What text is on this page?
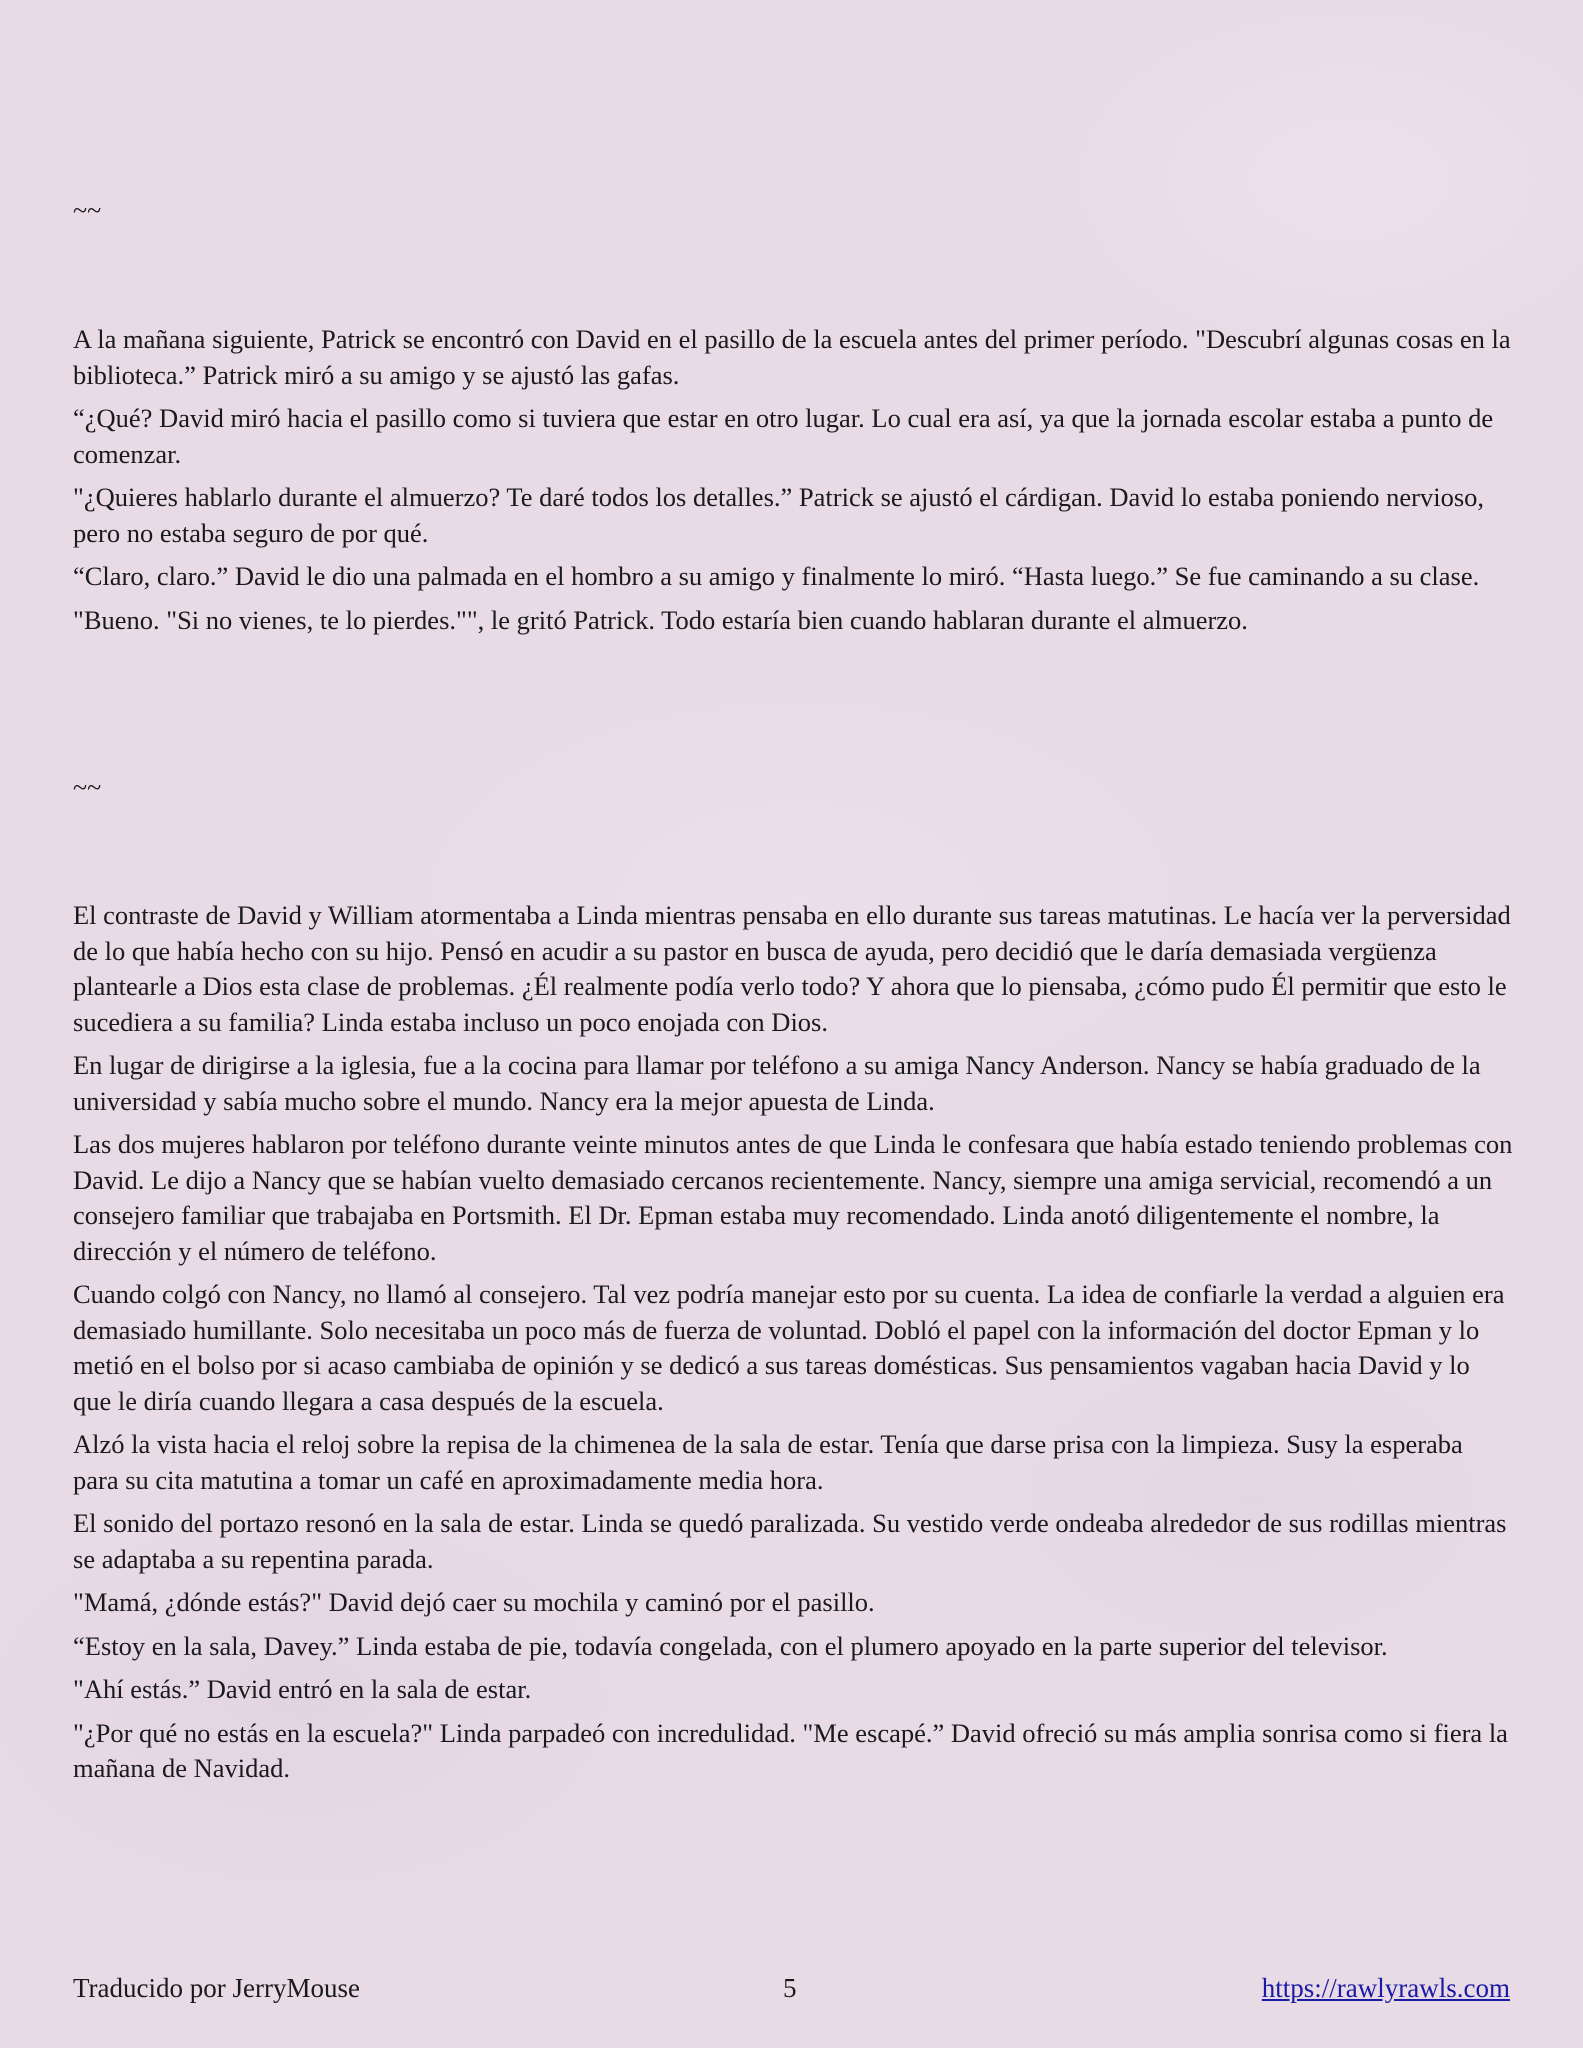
~~

A la mañana siguiente, Patrick se encontró con David en el pasillo de la escuela antes del primer período. "Descubrí algunas cosas en la biblioteca.” Patrick miró a su amigo y se ajustó las gafas.

“¿Qué? David miró hacia el pasillo como si tuviera que estar en otro lugar. Lo cual era así, ya que la jornada escolar estaba a punto de comenzar.

"¿Quieres hablarlo durante el almuerzo? Te daré todos los detalles.” Patrick se ajustó el cárdigan. David lo estaba poniendo nervioso, pero no estaba seguro de por qué.

“Claro, claro.” David le dio una palmada en el hombro a su amigo y finalmente lo miró. “Hasta luego.” Se fue caminando a su clase.

"Bueno. "Si no vienes, te lo pierdes."", le gritó Patrick. Todo estaría bien cuando hablaran durante el almuerzo.

~~

El contraste de David y William atormentaba a Linda mientras pensaba en ello durante sus tareas matutinas. Le hacía ver la perversidad de lo que había hecho con su hijo. Pensó en acudir a su pastor en busca de ayuda, pero decidió que le daría demasiada vergüenza plantearle a Dios esta clase de problemas. ¿Él realmente podía verlo todo? Y ahora que lo piensaba, ¿cómo pudo Él permitir que esto le sucediera a su familia? Linda estaba incluso un poco enojada con Dios.

En lugar de dirigirse a la iglesia, fue a la cocina para llamar por teléfono a su amiga Nancy Anderson. Nancy se había graduado de la universidad y sabía mucho sobre el mundo. Nancy era la mejor apuesta de Linda.

Las dos mujeres hablaron por teléfono durante veinte minutos antes de que Linda le confesara que había estado teniendo problemas con David. Le dijo a Nancy que se habían vuelto demasiado cercanos recientemente. Nancy, siempre una amiga servicial, recomendó a un consejero familiar que trabajaba en Portsmith. El Dr. Epman estaba muy recomendado. Linda anotó diligentemente el nombre, la dirección y el número de teléfono.

Cuando colgó con Nancy, no llamó al consejero. Tal vez podría manejar esto por su cuenta. La idea de confiarle la verdad a alguien era demasiado humillante. Solo necesitaba un poco más de fuerza de voluntad. Dobló el papel con la información del doctor Epman y lo metió en el bolso por si acaso cambiaba de opinión y se dedicó a sus tareas domésticas. Sus pensamientos vagaban hacia David y lo que le diría cuando llegara a casa después de la escuela.

Alzó la vista hacia el reloj sobre la repisa de la chimenea de la sala de estar. Tenía que darse prisa con la limpieza. Susy la esperaba para su cita matutina a tomar un café en aproximadamente media hora.

El sonido del portazo resonó en la sala de estar. Linda se quedó paralizada. Su vestido verde ondeaba alrededor de sus rodillas mientras se adaptaba a su repentina parada.

"Mamá, ¿dónde estás?" David dejó caer su mochila y caminó por el pasillo.

“Estoy en la sala, Davey.” Linda estaba de pie, todavía congelada, con el plumero apoyado en la parte superior del televisor.

"Ahí estás.” David entró en la sala de estar.

"¿Por qué no estás en la escuela?" Linda parpadeó con incredulidad. "Me escapé.” David ofreció su más amplia sonrisa como si fiera la mañana de Navidad.

Traducido por JerryMouse	5	https://rawlyrawls.com
